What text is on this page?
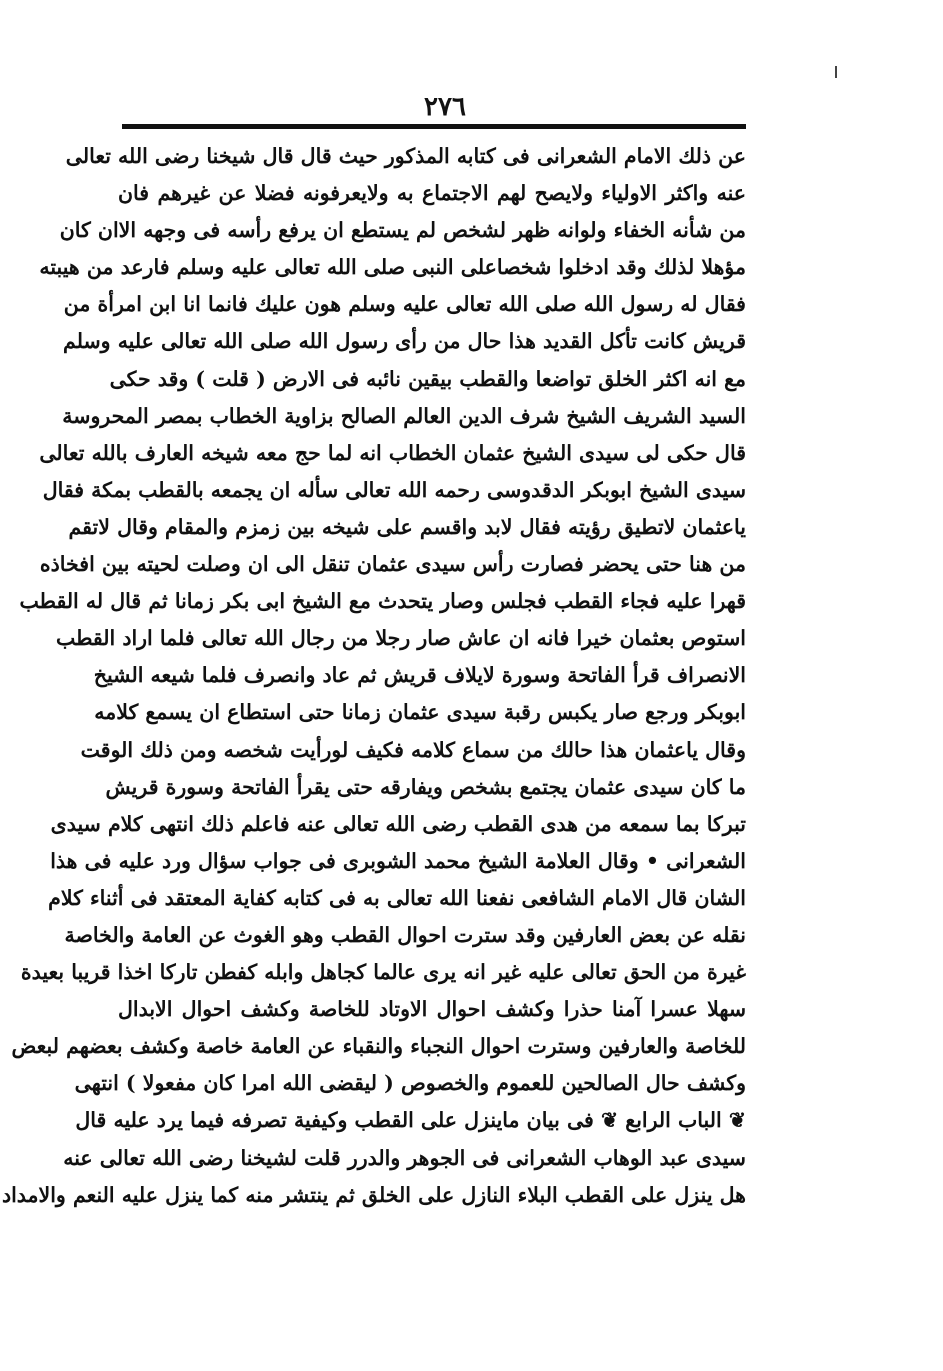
٢٧٦
عن ذلك الامام الشعرانى فى كتابه المذكور حيث قال قال شيخنا رضى الله تعالى
عنه واكثر الاولياء ولايصح لهم الاجتماع به ولايعرفونه فضلا عن غيرهم فان
من شأنه الخفاء ولوانه ظهر لشخص لم يستطع ان يرفع رأسه فى وجهه الاان كان
مؤهلا لذلك وقد ادخلوا شخصاعلى النبى صلى الله تعالى عليه وسلم فارعد من هيبته
فقال له رسول الله صلى الله تعالى عليه وسلم هون عليك فانما انا ابن امرأة من
قريش كانت تأكل القديد هذا حال من رأى رسول الله صلى الله تعالى عليه وسلم
مع انه اكثر الخلق تواضعا والقطب بيقين نائبه فى الارض ( قلت ) وقد حكى
السيد الشريف الشيخ شرف الدين العالم الصالح بزاوية الخطاب بمصر المحروسة
قال حكى لى سيدى الشيخ عثمان الخطاب انه لما حج معه شيخه العارف بالله تعالى
سيدى الشيخ ابوبكر الدقدوسى رحمه الله تعالى سأله ان يجمعه بالقطب بمكة فقال
ياعثمان لاتطيق رؤيته فقال لابد واقسم على شيخه بين زمزم والمقام وقال لاتقم
من هنا حتى يحضر فصارت رأس سيدى عثمان تنقل الى ان وصلت لحيته بين افخاذه
قهرا عليه فجاء القطب فجلس وصار يتحدث مع الشيخ ابى بكر زمانا ثم قال له القطب
استوص بعثمان خيرا فانه ان عاش صار رجلا من رجال الله تعالى فلما اراد القطب
الانصراف قرأ الفاتحة وسورة لايلاف قريش ثم عاد وانصرف فلما شيعه الشيخ
ابوبكر ورجع صار يكبس رقبة سيدى عثمان زمانا حتى استطاع ان يسمع كلامه
وقال ياعثمان هذا حالك من سماع كلامه فكيف لورأيت شخصه ومن ذلك الوقت
ما كان سيدى عثمان يجتمع بشخص ويفارقه حتى يقرأ الفاتحة وسورة قريش
تبركا بما سمعه من هدى القطب رضى الله تعالى عنه فاعلم ذلك انتهى كلام سيدى
الشعرانى • وقال العلامة الشيخ محمد الشوبرى فى جواب سؤال ورد عليه فى هذا
الشان قال الامام الشافعى نفعنا الله تعالى به فى كتابه كفاية المعتقد فى أثناء كلام
نقله عن بعض العارفين وقد سترت احوال القطب وهو الغوث عن العامة والخاصة
غيرة من الحق تعالى عليه غير انه يرى عالما كجاهل وابله كفطن تاركا اخذا قريبا بعيدة
سهلا عسرا آمنا حذرا وكشف احوال الاوتاد للخاصة وكشف احوال الابدال
للخاصة والعارفين وسترت احوال النجباء والنقباء عن العامة خاصة وكشف بعضهم لبعض
وكشف حال الصالحين للعموم والخصوص ( ليقضى الله امرا كان مفعولا ) انتهى
❦ الباب الرابع ❦ فى بيان ماينزل على القطب وكيفية تصرفه فيما يرد عليه قال
سيدى عبد الوهاب الشعرانى فى الجوهر والدرر قلت لشيخنا رضى الله تعالى عنه
هل ينزل على القطب البلاء النازل على الخلق ثم ينتشر منه كما ينزل عليه النعم والامداد
